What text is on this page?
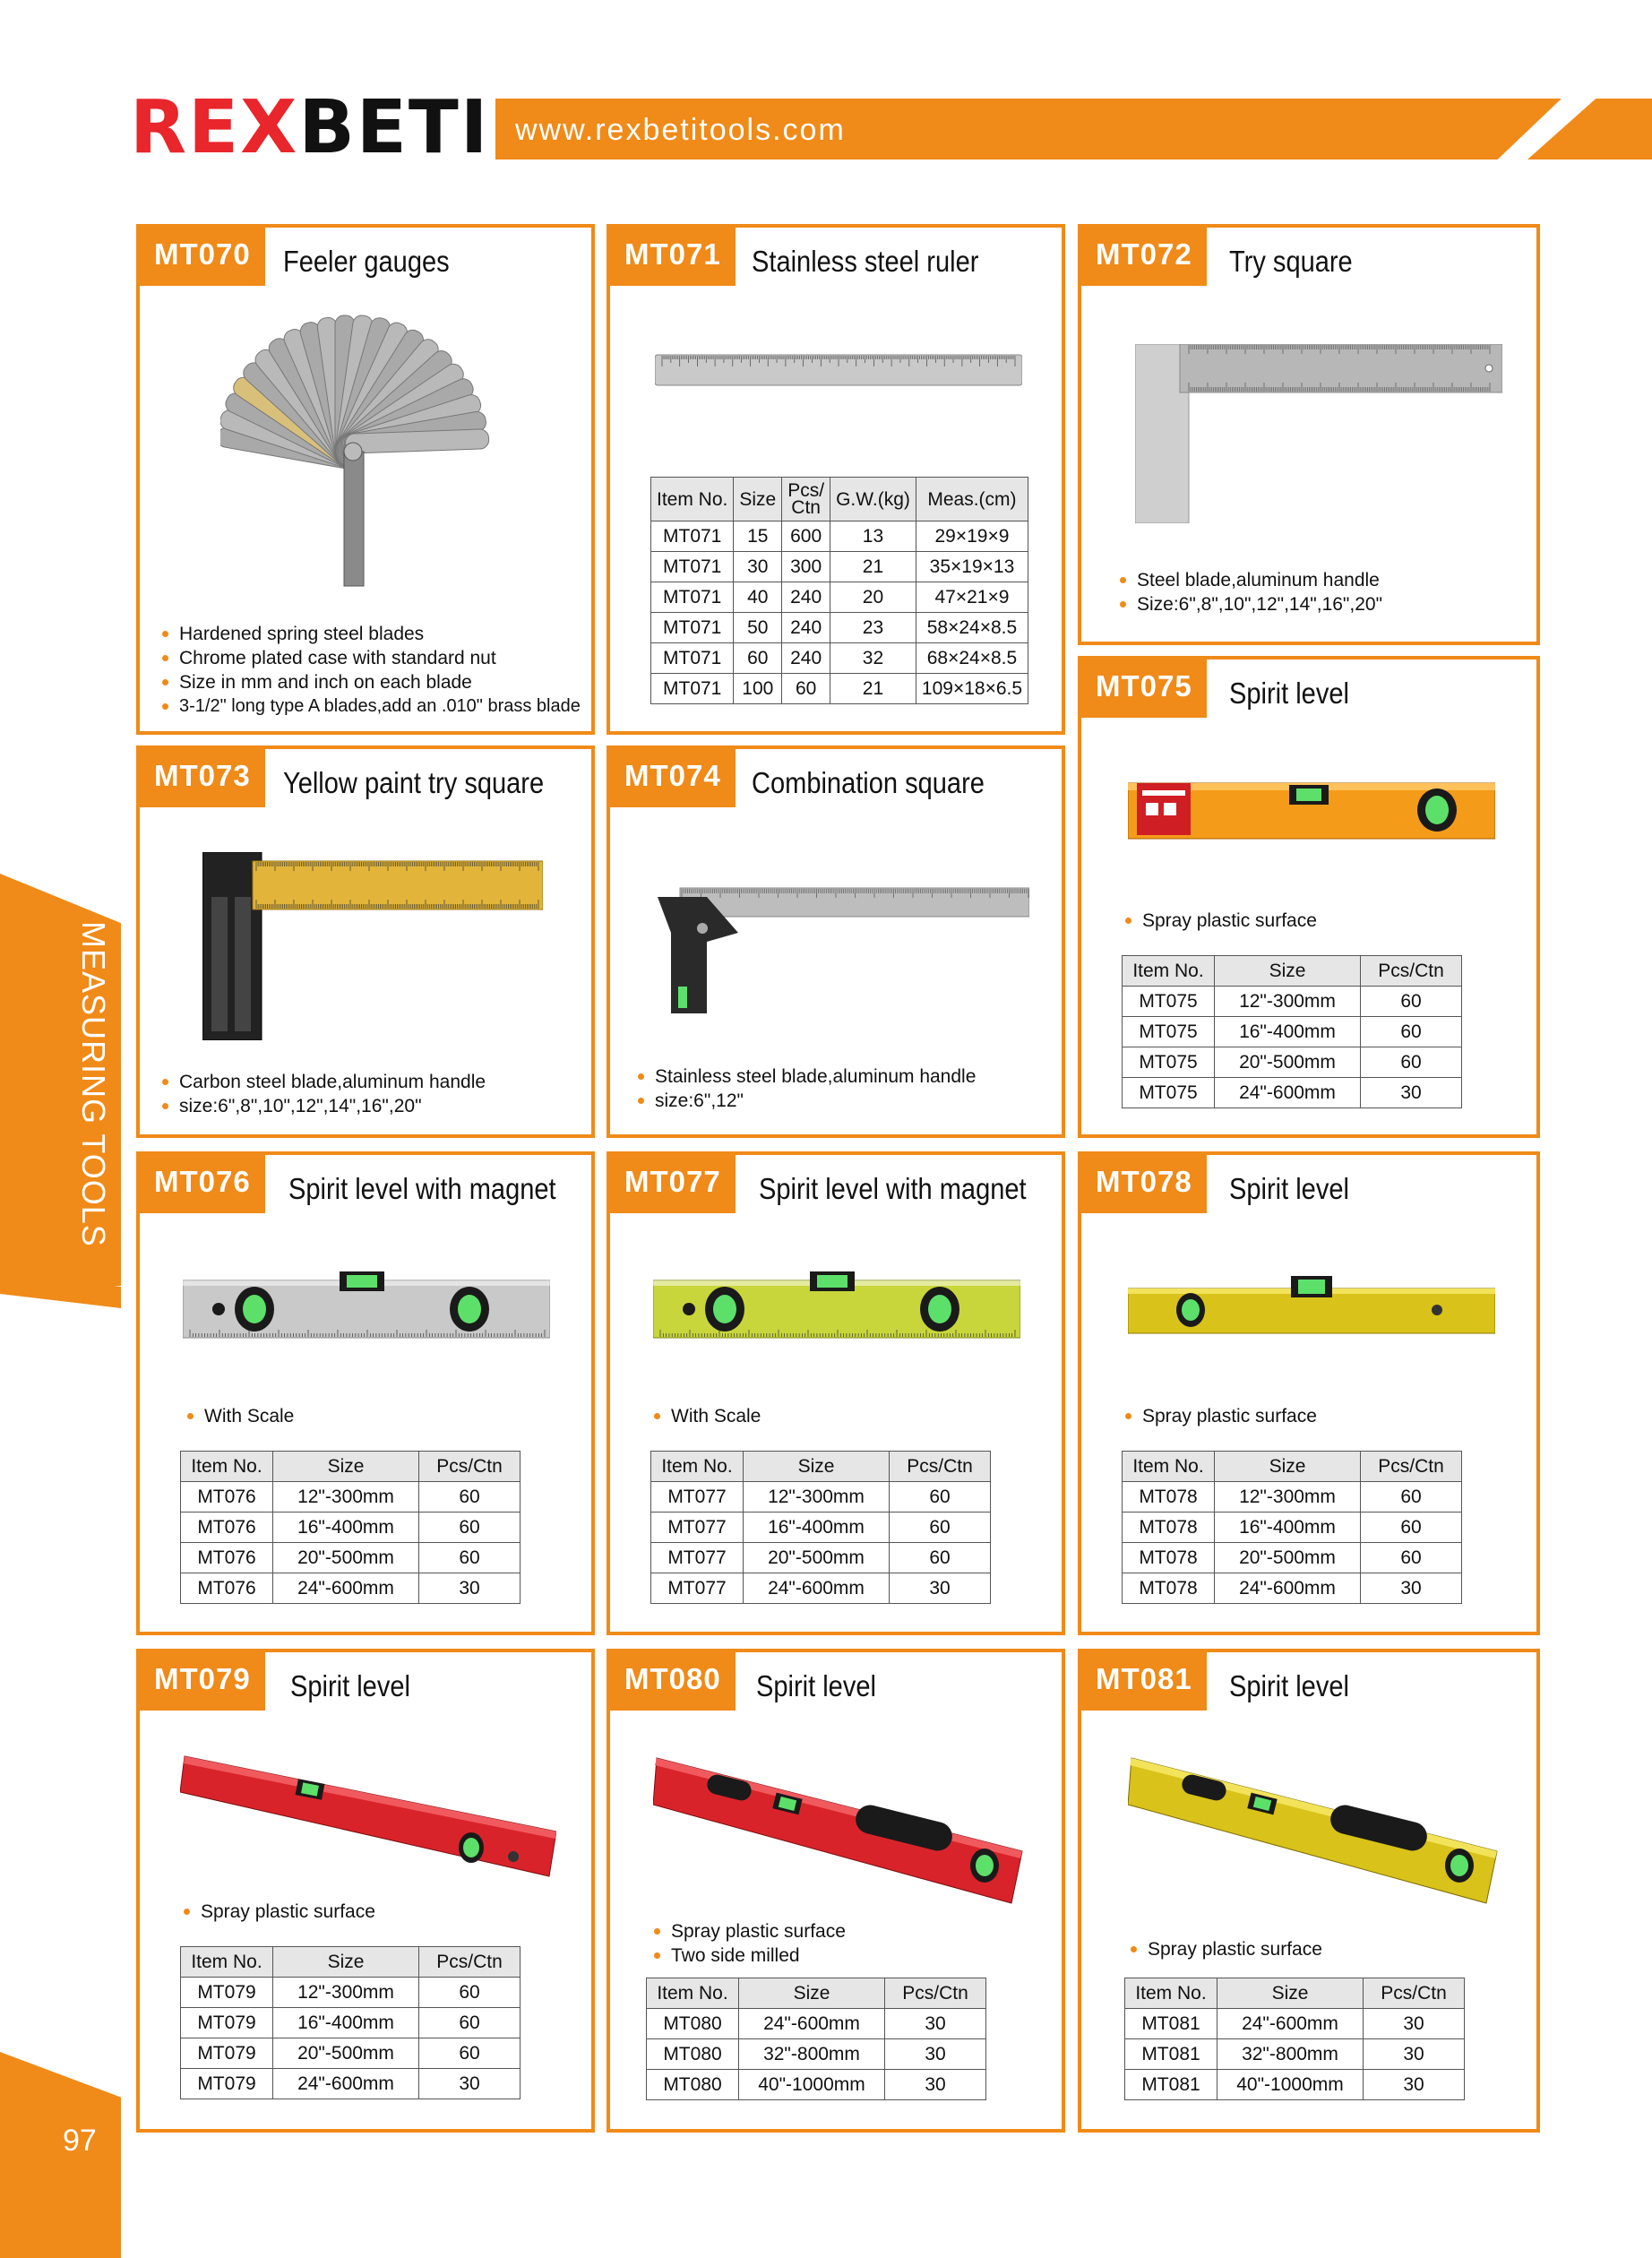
REX BETI www.rexbetitools.com
MEASURING TOOLS
97
MT070	Feeler gauges
Hardened spring steel blades
Chrome plated case with standard nut
Size in mm and inch on each blade
3-1/2" long type A blades,add an .010" brass blade
MT071	Stainless steel ruler
Item No.	Size	Pcs/ Ctn	G.W.(kg)	Meas.(cm)
MT071	15	600	13	29×19×9
MT071	30	300	21	35×19×13
MT071	40	240	20	47×21×9
MT071	50	240	23	58×24×8.5
MT071	60	240	32	68×24×8.5
MT071	100	60	21	109×18×6.5
MT072	Try square
Steel blade,aluminum handle
Size:6",8",10",12",14",16",20"
MT075	Spirit level
Spray plastic surface
Item No.	Size	Pcs/Ctn
MT075	12"-300mm	60
MT075	16"-400mm	60
MT075	20"-500mm	60
MT075	24"-600mm	30
MT073	Yellow paint try square
Carbon steel blade,aluminum handle
size:6",8",10",12",14",16",20"
MT074	Combination square
Stainless steel blade,aluminum handle
size:6",12"
MT076	Spirit level with magnet
With Scale
Item No.	Size	Pcs/Ctn
MT076	12"-300mm	60
MT076	16"-400mm	60
MT076	20"-500mm	60
MT076	24"-600mm	30
MT077	Spirit level with magnet
With Scale
Item No.	Size	Pcs/Ctn
MT077	12"-300mm	60
MT077	16"-400mm	60
MT077	20"-500mm	60
MT077	24"-600mm	30
MT078	Spirit level
Spray plastic surface
Item No.	Size	Pcs/Ctn
MT078	12"-300mm	60
MT078	16"-400mm	60
MT078	20"-500mm	60
MT078	24"-600mm	30
MT079	Spirit level
Spray plastic surface
Item No.	Size	Pcs/Ctn
MT079	12"-300mm	60
MT079	16"-400mm	60
MT079	20"-500mm	60
MT079	24"-600mm	30
MT080	Spirit level
Spray plastic surface
Two side milled
Item No.	Size	Pcs/Ctn
MT080	24"-600mm	30
MT080	32"-800mm	30
MT080	40"-1000mm	30
MT081	Spirit level
Spray plastic surface
Item No.	Size	Pcs/Ctn
MT081	24"-600mm	30
MT081	32"-800mm	30
MT081	40"-1000mm	30
